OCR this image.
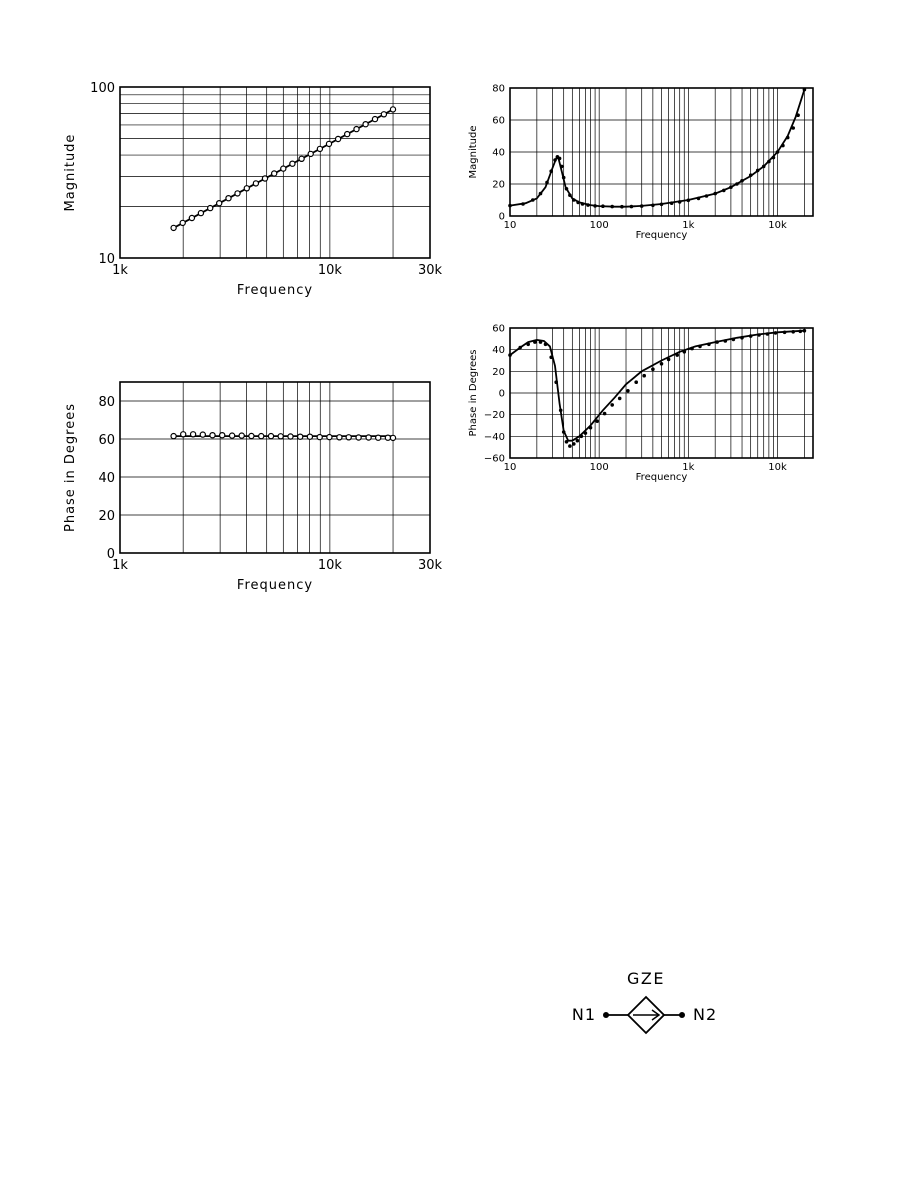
1k	10k	30k
10
100
Frequency
Magnitude
1k	10k	30k
0
20
40
60
80
Frequency
Phase in Degrees
10	100	1k	10k
0
20
40
60
80
Frequency
Magnitude
10	100	1k	10k
−60
−40
−20
0
20
40
60
Frequency
Phase in Degrees
GZE
N1	N2
